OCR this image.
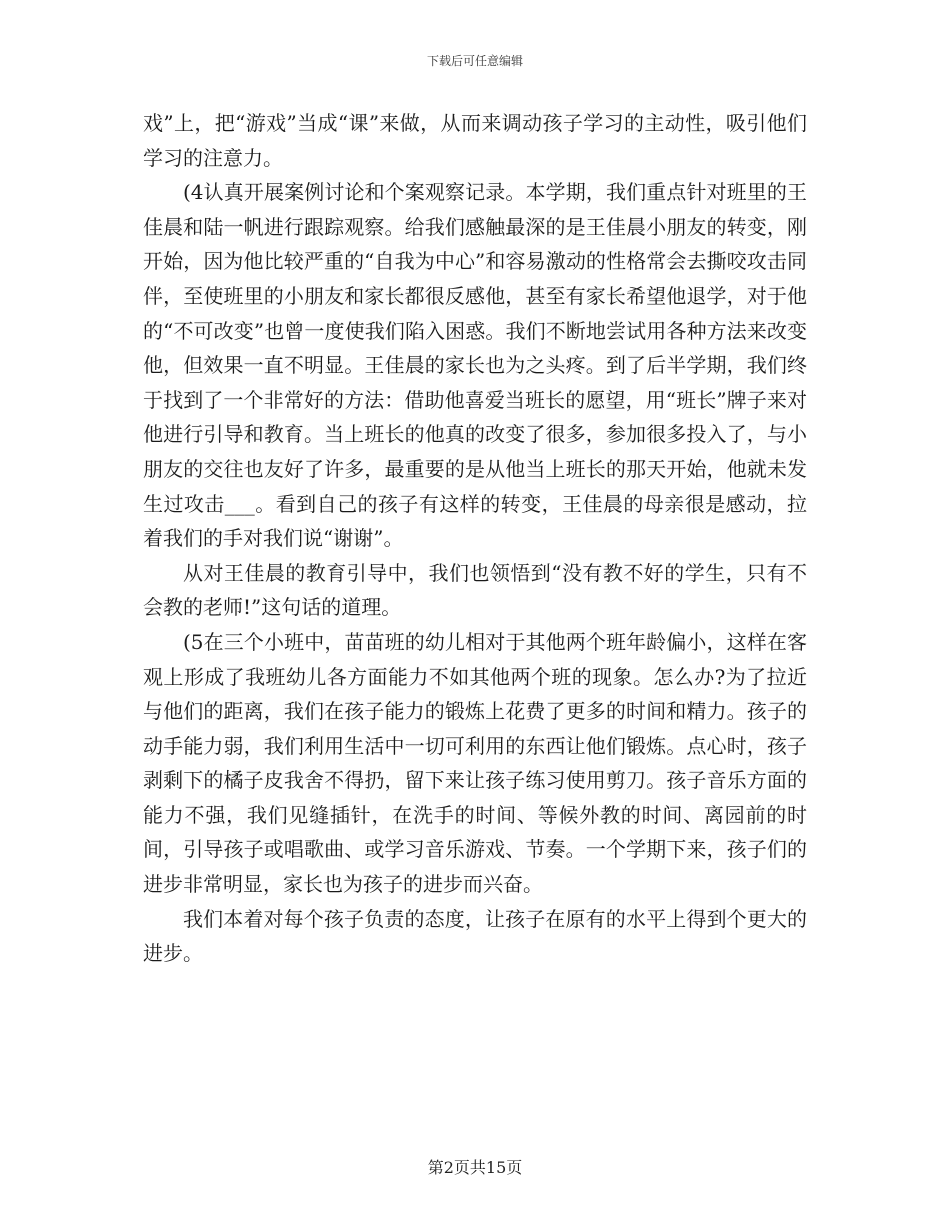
下载后可任意编辑

戏”上，把“游戏”当成“课”来做，从而来调动孩子学习的主动性，吸引他们学习的注意力。

(4认真开展案例讨论和个案观察记录。本学期，我们重点针对班里的王佳晨和陆一帆进行跟踪观察。给我们感触最深的是王佳晨小朋友的转变，刚开始，因为他比较严重的“自我为中心”和容易激动的性格常会去撕咬攻击同伴，至使班里的小朋友和家长都很反感他，甚至有家长希望他退学，对于他的“不可改变”也曾一度使我们陷入困惑。我们不断地尝试用各种方法来改变他，但效果一直不明显。王佳晨的家长也为之头疼。到了后半学期，我们终于找到了一个非常好的方法：借助他喜爱当班长的愿望，用“班长”牌子来对他进行引导和教育。当上班长的他真的改变了很多，参加很多投入了，与小朋友的交往也友好了许多，最重要的是从他当上班长的那天开始，他就未发生过攻击___。看到自己的孩子有这样的转变，王佳晨的母亲很是感动，拉着我们的手对我们说“谢谢”。

从对王佳晨的教育引导中，我们也领悟到“没有教不好的学生，只有不会教的老师!”这句话的道理。

(5在三个小班中，苗苗班的幼儿相对于其他两个班年龄偏小，这样在客观上形成了我班幼儿各方面能力不如其他两个班的现象。怎么办?为了拉近与他们的距离，我们在孩子能力的锻炼上花费了更多的时间和精力。孩子的动手能力弱，我们利用生活中一切可利用的东西让他们锻炼。点心时，孩子剥剩下的橘子皮我舍不得扔，留下来让孩子练习使用剪刀。孩子音乐方面的能力不强，我们见缝插针，在洗手的时间、等候外教的时间、离园前的时间，引导孩子或唱歌曲、或学习音乐游戏、节奏。一个学期下来，孩子们的进步非常明显，家长也为孩子的进步而兴奋。

我们本着对每个孩子负责的态度，让孩子在原有的水平上得到个更大的进步。

第2页共15页
